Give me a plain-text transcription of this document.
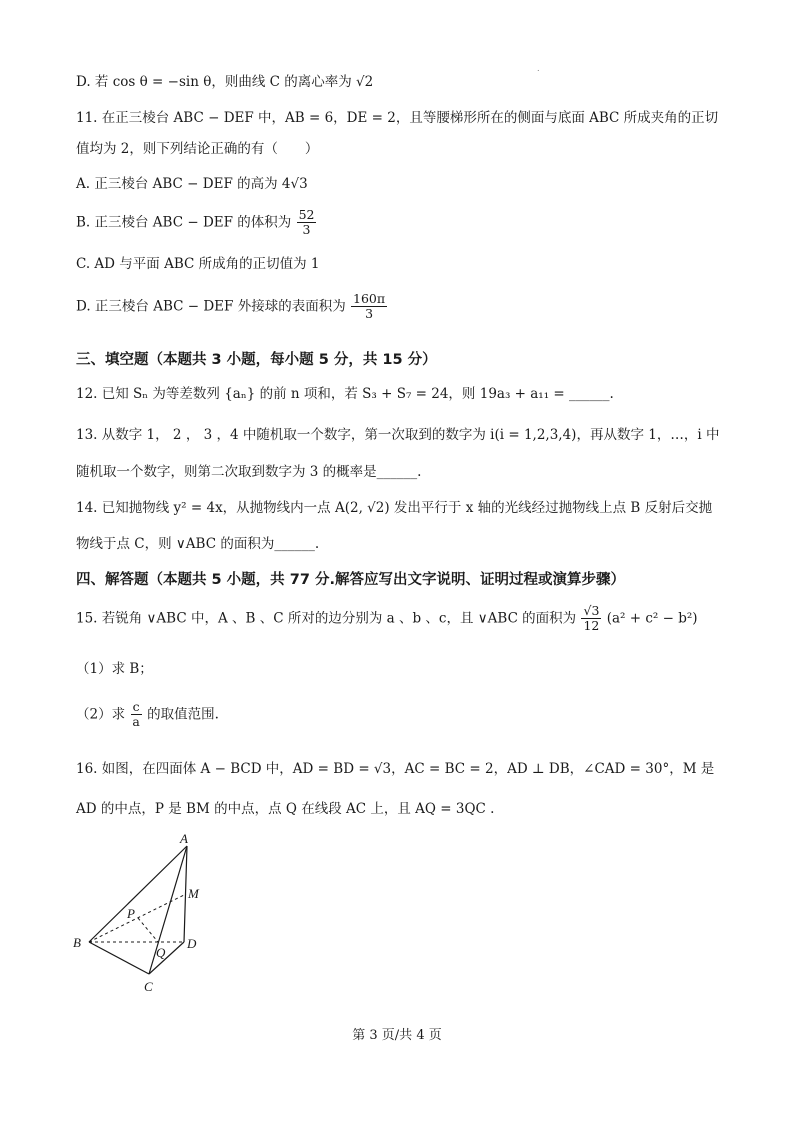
.
D. 若 cos θ = −sin θ，则曲线 C 的离心率为 √2
11. 在正三棱台 ABC − DEF 中，AB = 6，DE = 2，且等腰梯形所在的侧面与底面 ABC 所成夹角的正切
值均为 2，则下列结论正确的有（　　）
A. 正三棱台 ABC − DEF 的高为 4√3
B. 正三棱台 ABC − DEF 的体积为 $\frac{52}{3}$
C. AD 与平面 ABC 所成角的正切值为 1
D. 正三棱台 ABC − DEF 外接球的表面积为 $\frac{160\pi}{3}$
三、填空题（本题共 3 小题，每小题 5 分，共 15 分）
12. 已知 Sₙ 为等差数列 {aₙ} 的前 n 项和，若 S₃ + S₇ = 24，则 19a₃ + a₁₁ = ______.
13. 从数字 1， 2 ， 3 ，4 中随机取一个数字，第一次取到的数字为 i(i = 1,2,3,4)，再从数字 1，…，i 中
随机取一个数字，则第二次取到数字为 3 的概率是______.
14. 已知抛物线 y² = 4x，从抛物线内一点 A(2, √2) 发出平行于 x 轴的光线经过抛物线上点 B 反射后交抛
物线于点 C，则 ∨ABC 的面积为______.
四、解答题（本题共 5 小题，共 77 分.解答应写出文字说明、证明过程或演算步骤）
15. 若锐角 ∨ABC 中，A 、B 、C 所对的边分别为 a 、b 、c，且 ∨ABC 的面积为 $\frac{√3}{12} (a^2 + c^2 - b^2)$
（1）求 B；
（2）求 $\frac{c}{a}$ 的取值范围.
16. 如图，在四面体 A − BCD 中，AD = BD = √3，AC = BC = 2，AD ⊥ DB，∠CAD = 30°，M 是
AD 的中点，P 是 BM 的中点，点 Q 在线段 AC 上，且 AQ = 3QC .
A
M
P
B	D
Q
C
第 3 页/共 4 页
